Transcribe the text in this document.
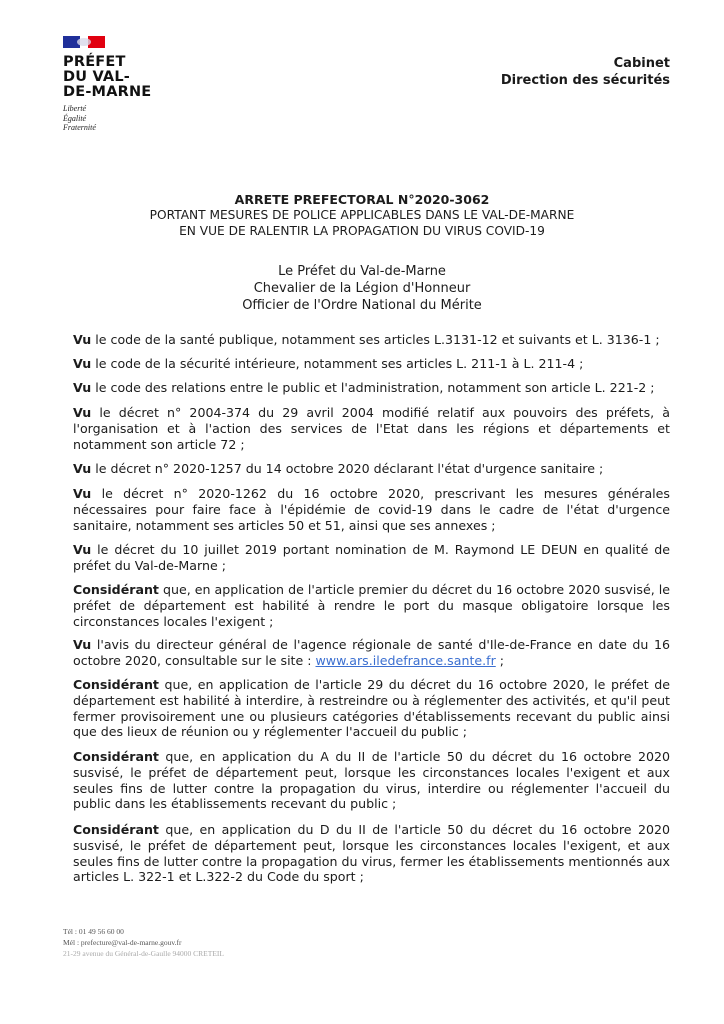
PRÉFET
DU VAL-
DE-MARNE
Liberté
Égalité
Fraternité
Cabinet
Direction des sécurités
ARRETE PREFECTORAL N°2020-3062
PORTANT MESURES DE POLICE APPLICABLES DANS LE VAL-DE-MARNE
EN VUE DE RALENTIR LA PROPAGATION DU VIRUS COVID-19
Le Préfet du Val-de-Marne
Chevalier de la Légion d'Honneur
Officier de l'Ordre National du Mérite
Vu le code de la santé publique, notamment ses articles L.3131-12 et suivants et L. 3136-1 ;
Vu le code de la sécurité intérieure, notamment ses articles L. 211-1 à L. 211-4 ;
Vu le code des relations entre le public et l'administration, notamment son article L. 221-2 ;
Vu le décret n° 2004-374 du 29 avril 2004 modifié relatif aux pouvoirs des préfets, à l'organisation et à l'action des services de l'Etat dans les régions et départements et notamment son article 72 ;
Vu le décret n° 2020-1257 du 14 octobre 2020 déclarant l'état d'urgence sanitaire ;
Vu le décret n° 2020-1262 du 16 octobre 2020, prescrivant les mesures générales nécessaires pour faire face à l'épidémie de covid-19 dans le cadre de l'état d'urgence sanitaire, notamment ses articles 50 et 51, ainsi que ses annexes ;
Vu le décret du 10 juillet 2019 portant nomination de M. Raymond LE DEUN en qualité de préfet du Val-de-Marne ;
Considérant que, en application de l'article premier du décret du 16 octobre 2020 susvisé, le préfet de département est habilité à rendre le port du masque obligatoire lorsque les circonstances locales l'exigent ;
Vu l'avis du directeur général de l'agence régionale de santé d'Ile-de-France en date du 16 octobre 2020, consultable sur le site : www.ars.iledefrance.sante.fr ;
Considérant que, en application de l'article 29 du décret du 16 octobre 2020, le préfet de département est habilité à interdire, à restreindre ou à réglementer des activités, et qu'il peut fermer provisoirement une ou plusieurs catégories d'établissements recevant du public ainsi que des lieux de réunion ou y réglementer l'accueil du public ;
Considérant que, en application du A du II de l'article 50 du décret du 16 octobre 2020 susvisé, le préfet de département peut, lorsque les circonstances locales l'exigent et aux seules fins de lutter contre la propagation du virus, interdire ou réglementer l'accueil du public dans les établissements recevant du public ;
Considérant que, en application du D du II de l'article 50 du décret du 16 octobre 2020 susvisé, le préfet de département peut, lorsque les circonstances locales l'exigent, et aux seules fins de lutter contre la propagation du virus, fermer les établissements mentionnés aux articles L. 322-1 et L.322-2 du Code du sport ;
Tél : 01 49 56 60 00
Mél : prefecture@val-de-marne.gouv.fr
21-29 avenue du Général-de-Gaulle 94000 CRETEIL
